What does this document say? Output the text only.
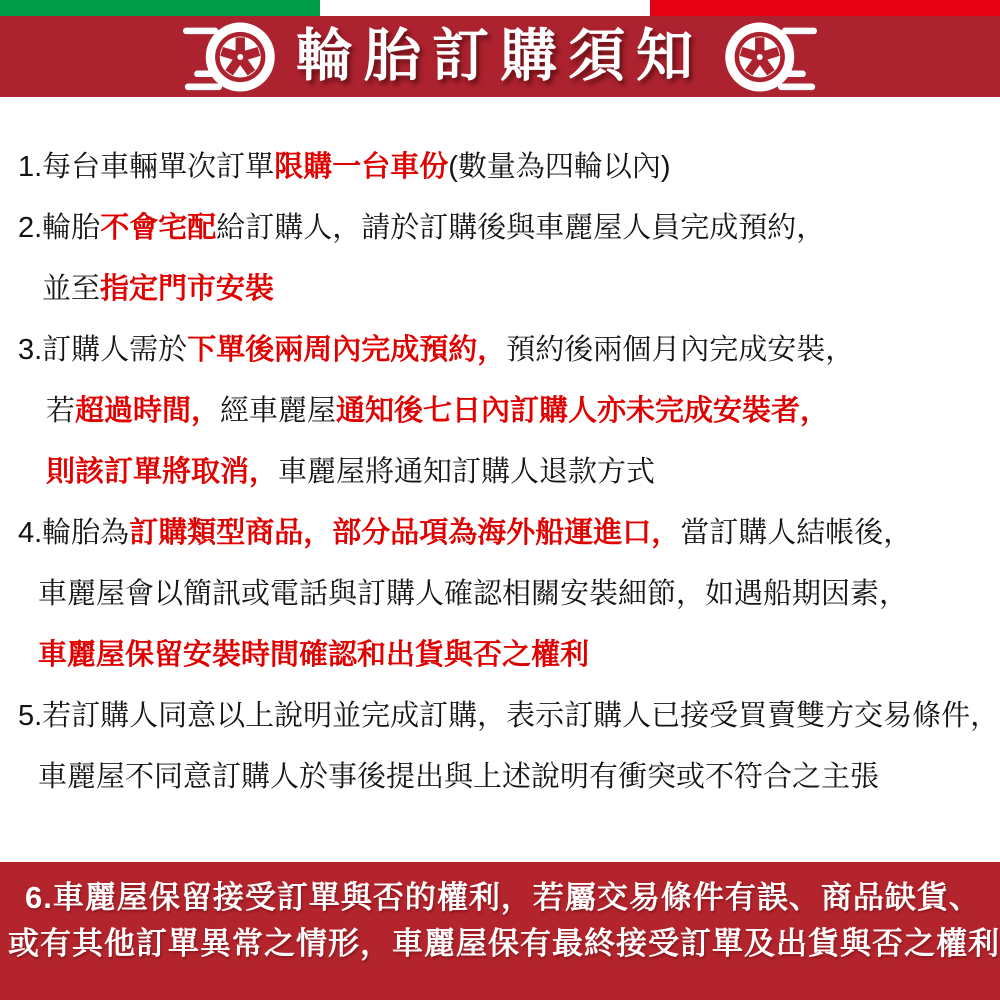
輪胎訂購須知
1.每台車輛單次訂單限購一台車份(數量為四輪以內)
2.輪胎不會宅配給訂購人，請於訂購後與車麗屋人員完成預約，
並至指定門市安裝
3.訂購人需於下單後兩周內完成預約，預約後兩個月內完成安裝，
若超過時間，經車麗屋通知後七日內訂購人亦未完成安裝者，
則該訂單將取消，車麗屋將通知訂購人退款方式
4.輪胎為訂購類型商品，部分品項為海外船運進口，當訂購人結帳後，
車麗屋會以簡訊或電話與訂購人確認相關安裝細節，如遇船期因素，
車麗屋保留安裝時間確認和出貨與否之權利
5.若訂購人同意以上說明並完成訂購，表示訂購人已接受買賣雙方交易條件，
車麗屋不同意訂購人於事後提出與上述說明有衝突或不符合之主張
6.車麗屋保留接受訂單與否的權利，若屬交易條件有誤、商品缺貨、
或有其他訂單異常之情形，車麗屋保有最終接受訂單及出貨與否之權利
